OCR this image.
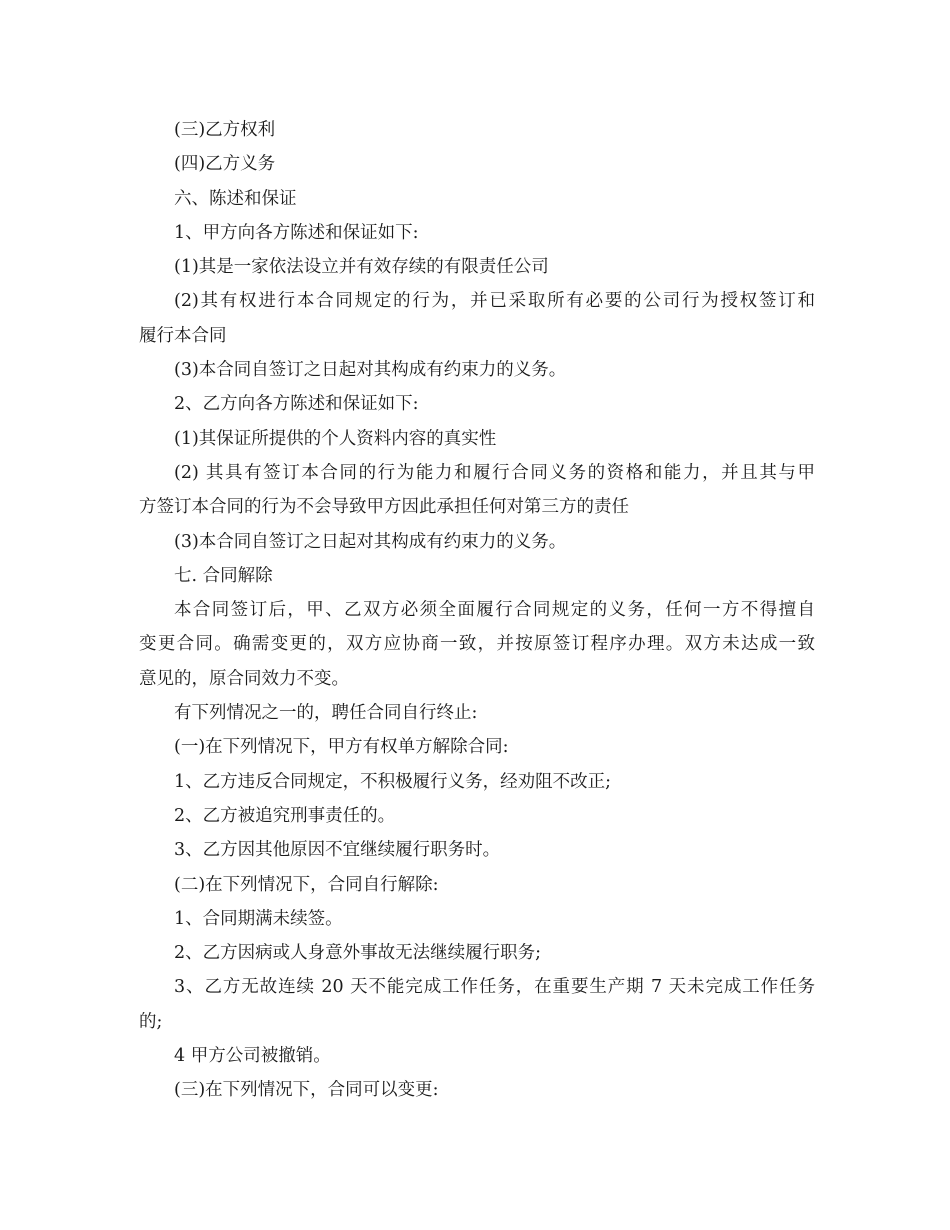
(三)乙方权利

(四)乙方义务

六、陈述和保证

1、甲方向各方陈述和保证如下:

(1)其是一家依法设立并有效存续的有限责任公司

(2)其有权进行本合同规定的行为，并已采取所有必要的公司行为授权签订和

履行本合同

(3)本合同自签订之日起对其构成有约束力的义务。

2、乙方向各方陈述和保证如下:

(1)其保证所提供的个人资料内容的真实性

(2) 其具有签订本合同的行为能力和履行合同义务的资格和能力，并且其与甲

方签订本合同的行为不会导致甲方因此承担任何对第三方的责任

(3)本合同自签订之日起对其构成有约束力的义务。

七. 合同解除

本合同签订后，甲、乙双方必须全面履行合同规定的义务，任何一方不得擅自

变更合同。确需变更的，双方应协商一致，并按原签订程序办理。双方未达成一致

意见的，原合同效力不变。

有下列情况之一的，聘任合同自行终止:

(一)在下列情况下，甲方有权单方解除合同:

1、乙方违反合同规定，不积极履行义务，经劝阻不改正;

2、乙方被追究刑事责任的。

3、乙方因其他原因不宜继续履行职务时。

(二)在下列情况下，合同自行解除:

1、合同期满未续签。

2、乙方因病或人身意外事故无法继续履行职务;

3、乙方无故连续 20 天不能完成工作任务，在重要生产期 7 天未完成工作任务

的;

4 甲方公司被撤销。

(三)在下列情况下，合同可以变更:
